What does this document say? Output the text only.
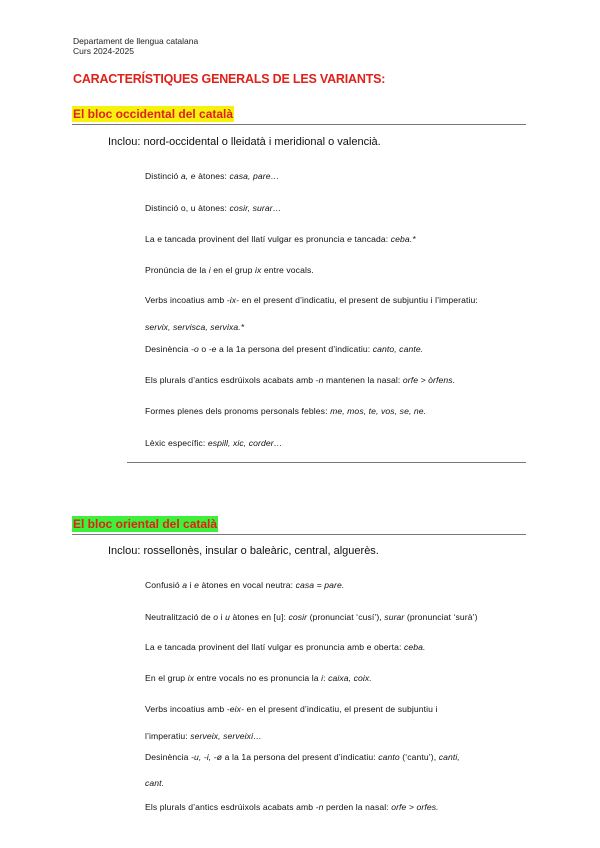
Departament de llengua catalana
Curs 2024-2025
CARACTERÍSTIQUES GENERALS DE LES VARIANTS:
El bloc occidental del català
Inclou: nord-occidental o lleidatà i meridional o valencià.
Distinció a, e àtones: casa, pare…
Distinció o, u àtones: cosir, surar…
La e tancada provinent del llatí vulgar es pronuncia e tancada: ceba.*
Pronúncia de la i en el grup ix entre vocals.
Verbs incoatius amb -ix- en el present d’indicatiu, el present de subjuntiu i l’imperatiu:
servix, servisca, servixa.*
Desinència -o o -e a la 1a persona del present d’indicatiu: canto, cante.
Els plurals d’antics esdrúixols acabats amb -n mantenen la nasal: orfe > òrfens.
Formes plenes dels pronoms personals febles: me, mos, te, vos, se, ne.
Lèxic específic: espill, xic, corder…
El bloc oriental del català
Inclou: rossellonès, insular o baleàric, central, alguerès.
Confusió a i e àtones en vocal neutra: casa = pare.
Neutralització de o i u àtones en [u]: cosir (pronunciat ‘cusí’), surar (pronunciat ‘surà’)
La e tancada provinent del llatí vulgar es pronuncia amb e oberta: ceba.
En el grup ix entre vocals no es pronuncia la i: caixa, coix.
Verbs incoatius amb -eix- en el present d’indicatiu, el present de subjuntiu i
l’imperatiu: serveix, serveixi…
Desinència -u, -i, -ø a la 1a persona del present d’indicatiu: canto (‘cantu’), canti,
cant.
Els plurals d’antics esdrúixols acabats amb -n perden la nasal: orfe > orfes.
